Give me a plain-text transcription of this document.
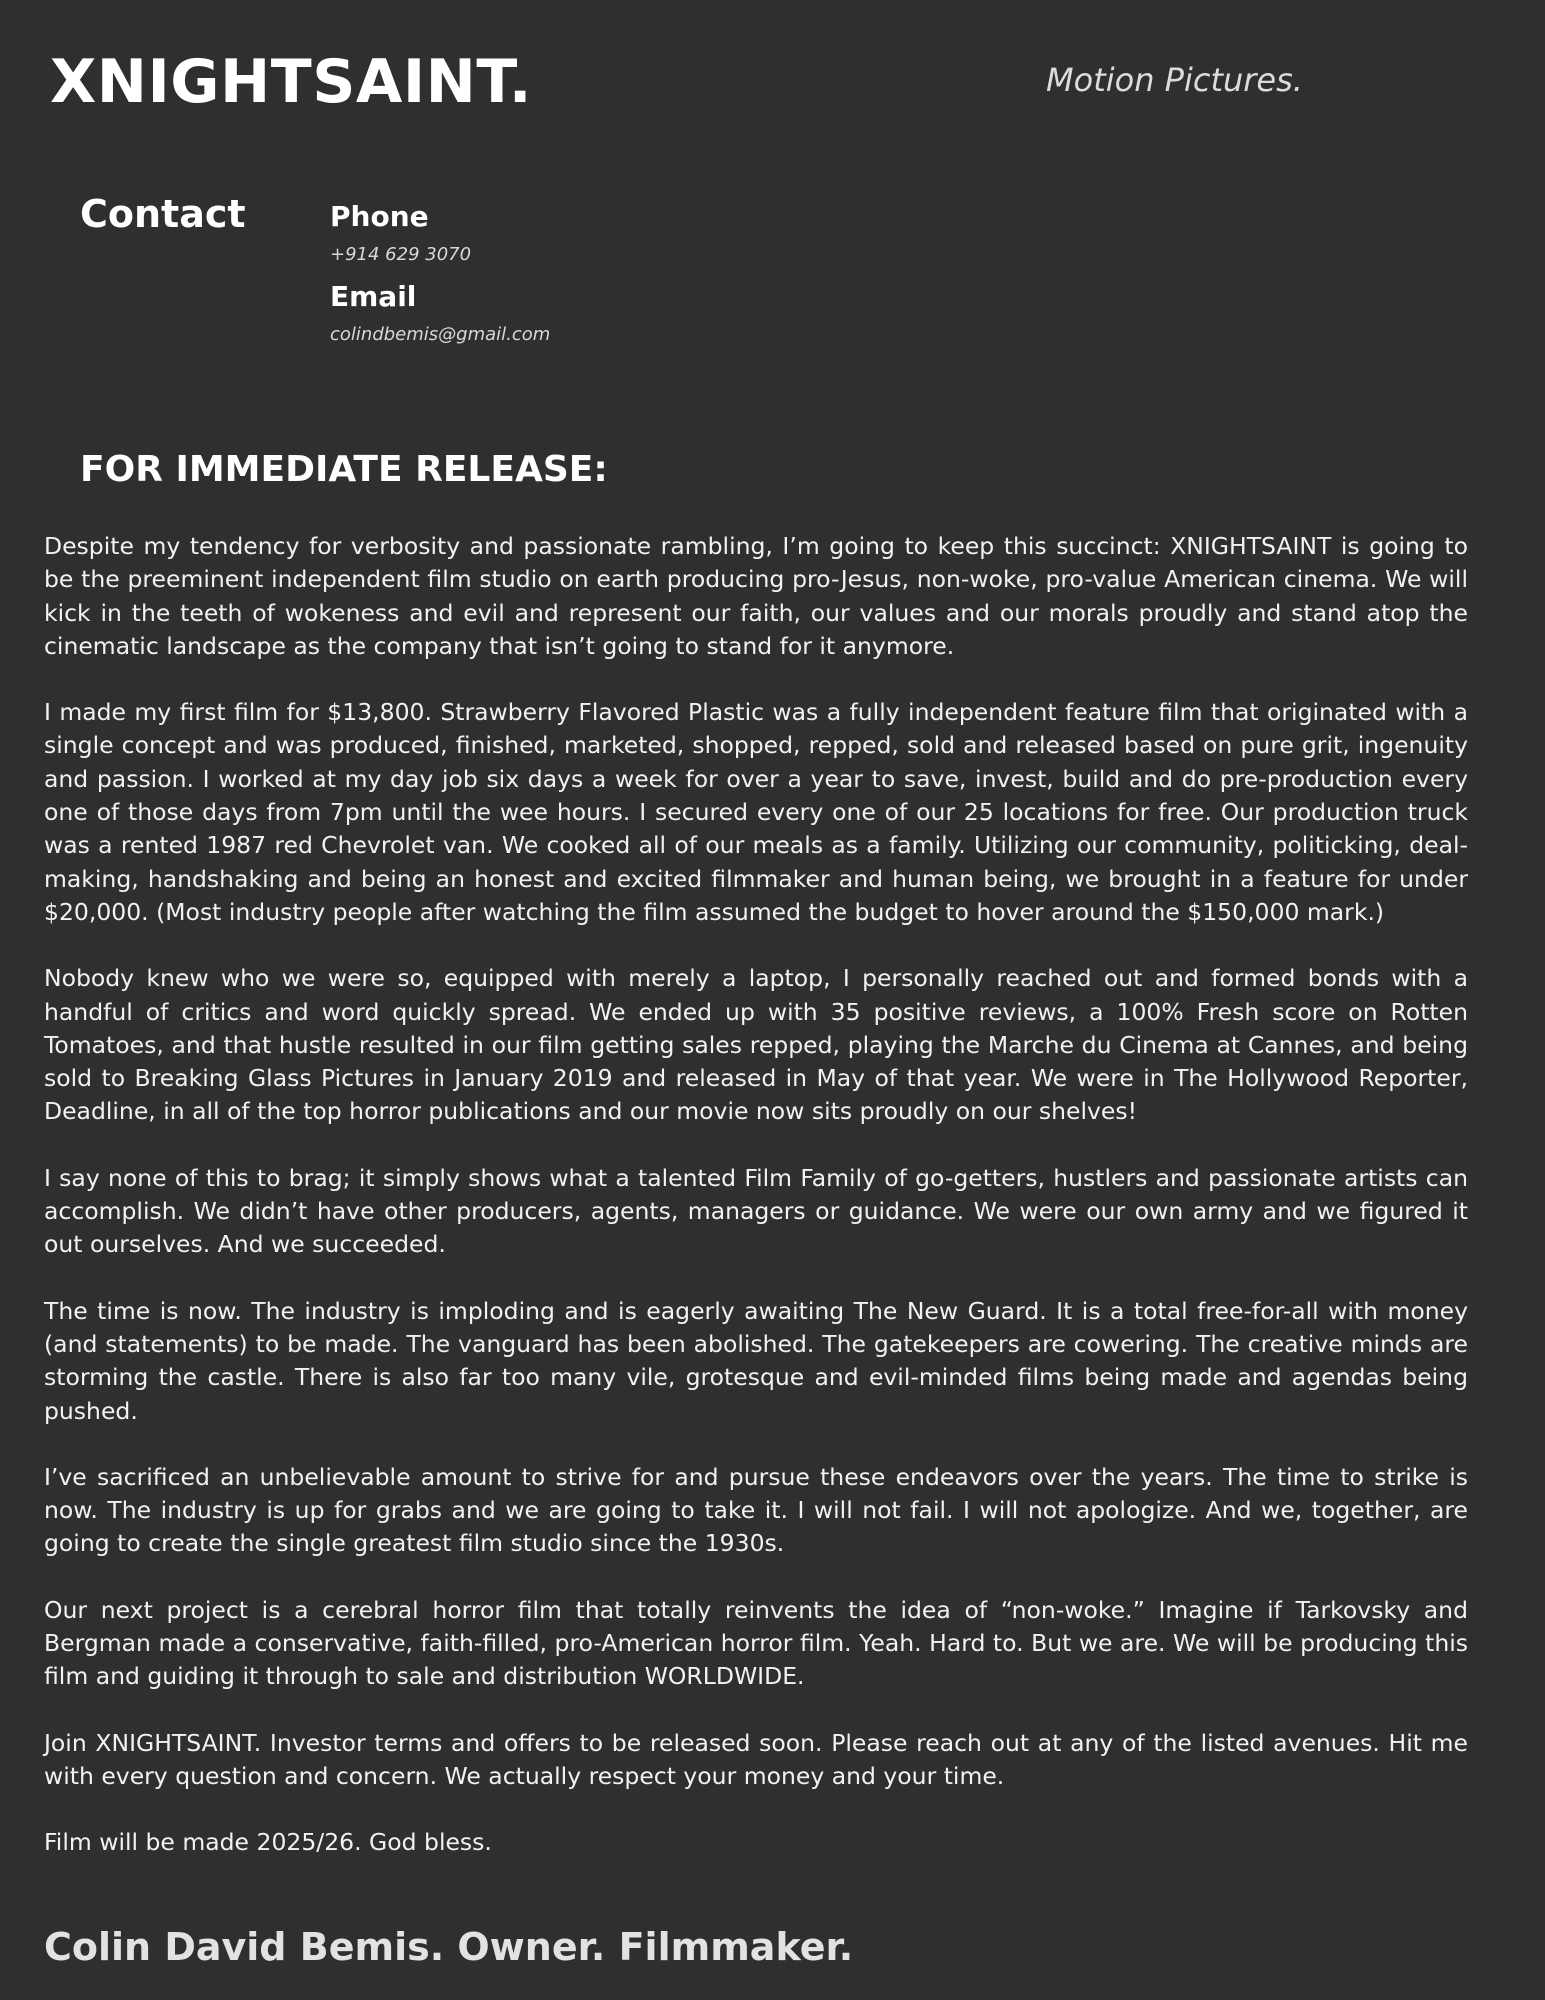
XNIGHTSAINT.	Motion Pictures.
Contact	Phone
+914 629 3070
Email
colindbemis@gmail.com
FOR IMMEDIATE RELEASE:

Despite my tendency for verbosity and passionate rambling, I’m going to keep this succinct: XNIGHTSAINT is going to be the preeminent independent film studio on earth producing pro-Jesus, non-woke, pro-value American cinema. We will kick in the teeth of wokeness and evil and represent our faith, our values and our morals proudly and stand atop the cinematic landscape as the company that isn’t going to stand for it anymore.

I made my first film for $13,800. Strawberry Flavored Plastic was a fully independent feature film that originated with a single concept and was produced, finished, marketed, shopped, repped, sold and released based on pure grit, ingenuity and passion. I worked at my day job six days a week for over a year to save, invest, build and do pre-production every one of those days from 7pm until the wee hours. I secured every one of our 25 locations for free. Our production truck was a rented 1987 red Chevrolet van. We cooked all of our meals as a family. Utilizing our community, politicking, deal-making, handshaking and being an honest and excited filmmaker and human being, we brought in a feature for under $20,000. (Most industry people after watching the film assumed the budget to hover around the $150,000 mark.)

Nobody knew who we were so, equipped with merely a laptop, I personally reached out and formed bonds with a handful of critics and word quickly spread. We ended up with 35 positive reviews, a 100% Fresh score on Rotten Tomatoes, and that hustle resulted in our film getting sales repped, playing the Marche du Cinema at Cannes, and being sold to Breaking Glass Pictures in January 2019 and released in May of that year. We were in The Hollywood Reporter, Deadline, in all of the top horror publications and our movie now sits proudly on our shelves!

I say none of this to brag; it simply shows what a talented Film Family of go-getters, hustlers and passionate artists can accomplish. We didn’t have other producers, agents, managers or guidance. We were our own army and we figured it out ourselves. And we succeeded.

The time is now. The industry is imploding and is eagerly awaiting The New Guard. It is a total free-for-all with money (and statements) to be made. The vanguard has been abolished. The gatekeepers are cowering. The creative minds are storming the castle. There is also far too many vile, grotesque and evil-minded films being made and agendas being pushed.

I’ve sacrificed an unbelievable amount to strive for and pursue these endeavors over the years. The time to strike is now. The industry is up for grabs and we are going to take it. I will not fail. I will not apologize. And we, together, are going to create the single greatest film studio since the 1930s.

Our next project is a cerebral horror film that totally reinvents the idea of “non-woke.” Imagine if Tarkovsky and Bergman made a conservative, faith-filled, pro-American horror film. Yeah. Hard to. But we are. We will be producing this film and guiding it through to sale and distribution WORLDWIDE.

Join XNIGHTSAINT. Investor terms and offers to be released soon. Please reach out at any of the listed avenues. Hit me with every question and concern. We actually respect your money and your time.

Film will be made 2025/26. God bless.

Colin David Bemis. Owner. Filmmaker.
